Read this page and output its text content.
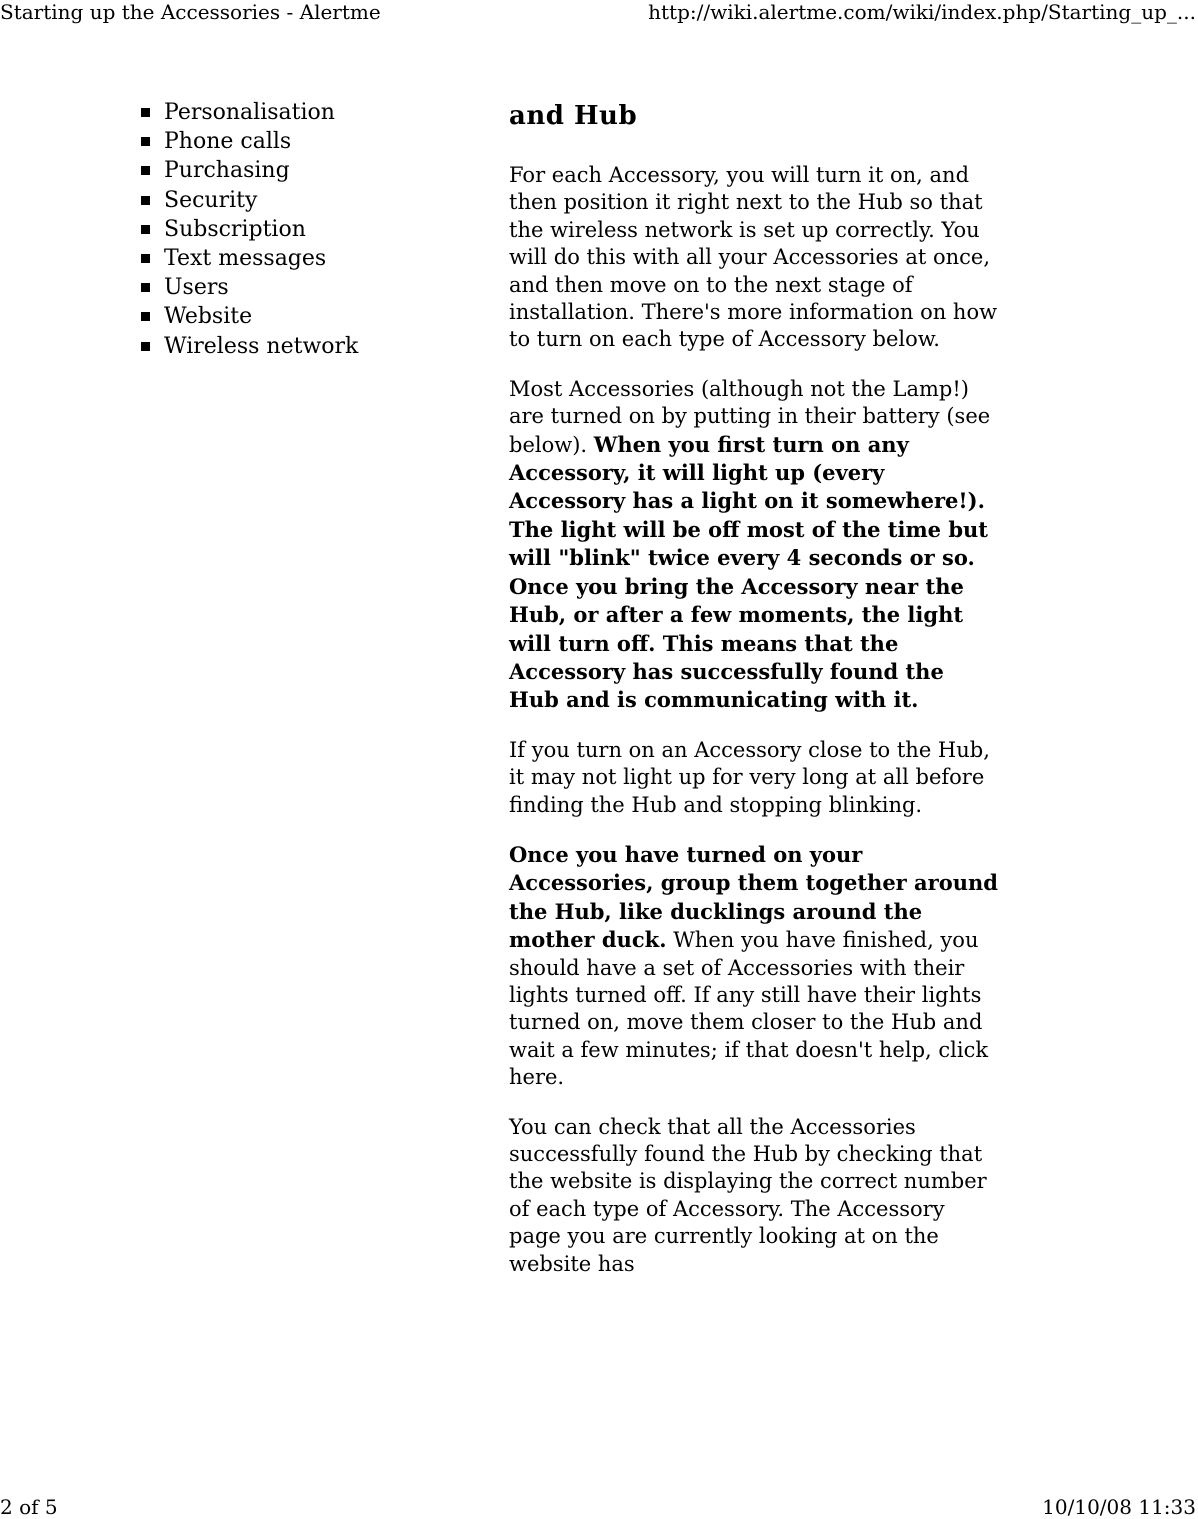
Starting up the Accessories - Alertme	http://wiki.alertme.com/wiki/index.php/Starting_up_...
Personalisation
Phone calls
Purchasing
Security
Subscription
Text messages
Users
Website
Wireless network
and Hub

For each Accessory, you will turn it on, and then position it right next to the Hub so that the wireless network is set up correctly. You will do this with all your Accessories at once, and then move on to the next stage of installation. There's more information on how to turn on each type of Accessory below.

Most Accessories (although not the Lamp!) are turned on by putting in their battery (see below). When you first turn on any Accessory, it will light up (every Accessory has a light on it somewhere!). The light will be off most of the time but will "blink" twice every 4 seconds or so. Once you bring the Accessory near the Hub, or after a few moments, the light will turn off. This means that the Accessory has successfully found the Hub and is communicating with it.

If you turn on an Accessory close to the Hub, it may not light up for very long at all before finding the Hub and stopping blinking.

Once you have turned on your Accessories, group them together around the Hub, like ducklings around the mother duck. When you have finished, you should have a set of Accessories with their lights turned off. If any still have their lights turned on, move them closer to the Hub and wait a few minutes; if that doesn't help, click here.

You can check that all the Accessories successfully found the Hub by checking that the website is displaying the correct number of each type of Accessory. The Accessory page you are currently looking at on the website has

2 of 5	10/10/08 11:33
